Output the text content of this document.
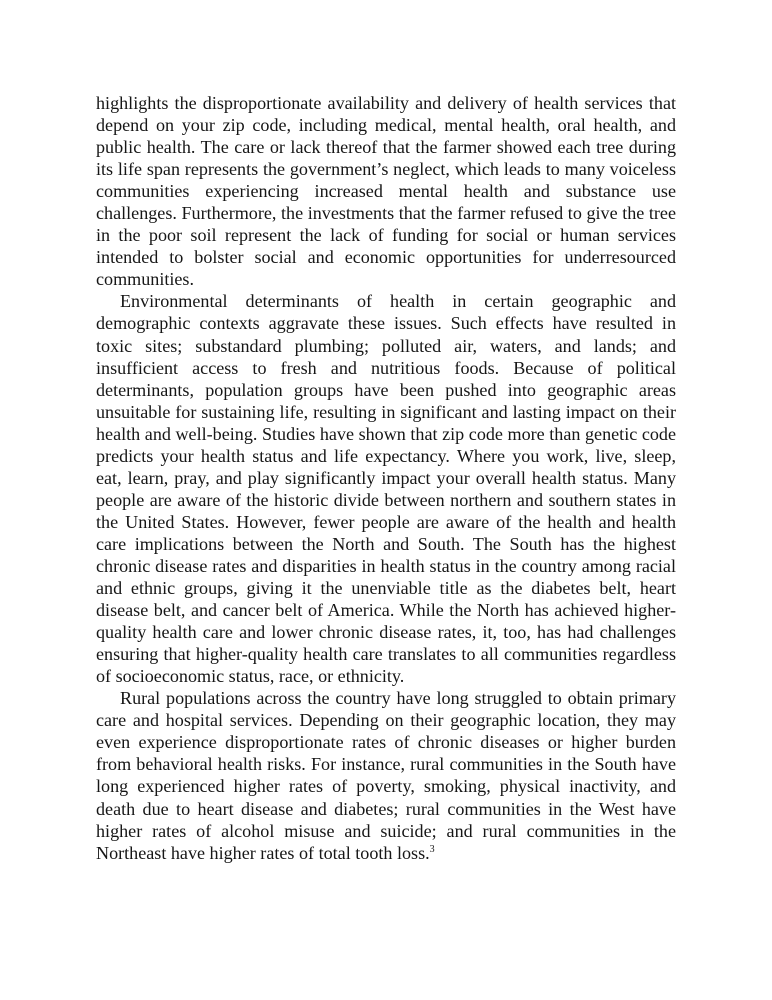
highlights the disproportionate availability and delivery of health services that depend on your zip code, including medical, mental health, oral health, and public health. The care or lack thereof that the farmer showed each tree during its life span represents the government’s neglect, which leads to many voiceless communities experiencing increased mental health and substance use challenges. Furthermore, the investments that the farmer refused to give the tree in the poor soil represent the lack of funding for social or human services intended to bolster social and economic opportunities for underresourced communities.

Environmental determinants of health in certain geographic and demographic contexts aggravate these issues. Such effects have resulted in toxic sites; substandard plumbing; polluted air, waters, and lands; and insufficient access to fresh and nutritious foods. Because of political determinants, population groups have been pushed into geographic areas unsuitable for sustaining life, resulting in significant and lasting impact on their health and well-being. Studies have shown that zip code more than genetic code predicts your health status and life expectancy. Where you work, live, sleep, eat, learn, pray, and play significantly impact your overall health status. Many people are aware of the historic divide between northern and southern states in the United States. However, fewer people are aware of the health and health care implications between the North and South. The South has the highest chronic disease rates and disparities in health status in the country among racial and ethnic groups, giving it the unenviable title as the diabetes belt, heart disease belt, and cancer belt of America. While the North has achieved higher-quality health care and lower chronic disease rates, it, too, has had challenges ensuring that higher-quality health care translates to all communities regardless of socioeconomic status, race, or ethnicity.

Rural populations across the country have long struggled to obtain primary care and hospital services. Depending on their geographic location, they may even experience disproportionate rates of chronic diseases or higher burden from behavioral health risks. For instance, rural communities in the South have long experienced higher rates of poverty, smoking, physical inactivity, and death due to heart disease and diabetes; rural communities in the West have higher rates of alcohol misuse and suicide; and rural communities in the Northeast have higher rates of total tooth loss.$^3$
